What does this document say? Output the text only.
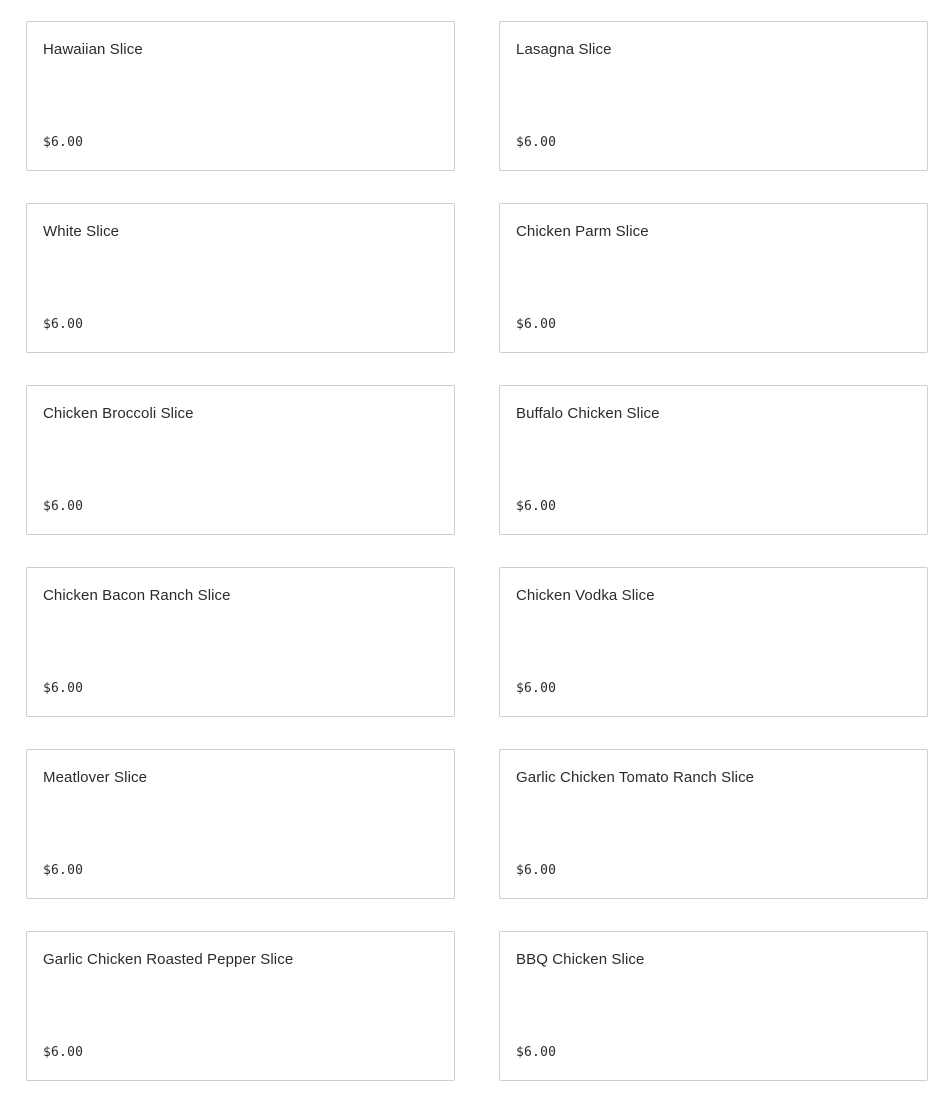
Hawaiian Slice
$6.00
Lasagna Slice
$6.00
White Slice
$6.00
Chicken Parm Slice
$6.00
Chicken Broccoli Slice
$6.00
Buffalo Chicken Slice
$6.00
Chicken Bacon Ranch Slice
$6.00
Chicken Vodka Slice
$6.00
Meatlover Slice
$6.00
Garlic Chicken Tomato Ranch Slice
$6.00
Garlic Chicken Roasted Pepper Slice
$6.00
BBQ Chicken Slice
$6.00
